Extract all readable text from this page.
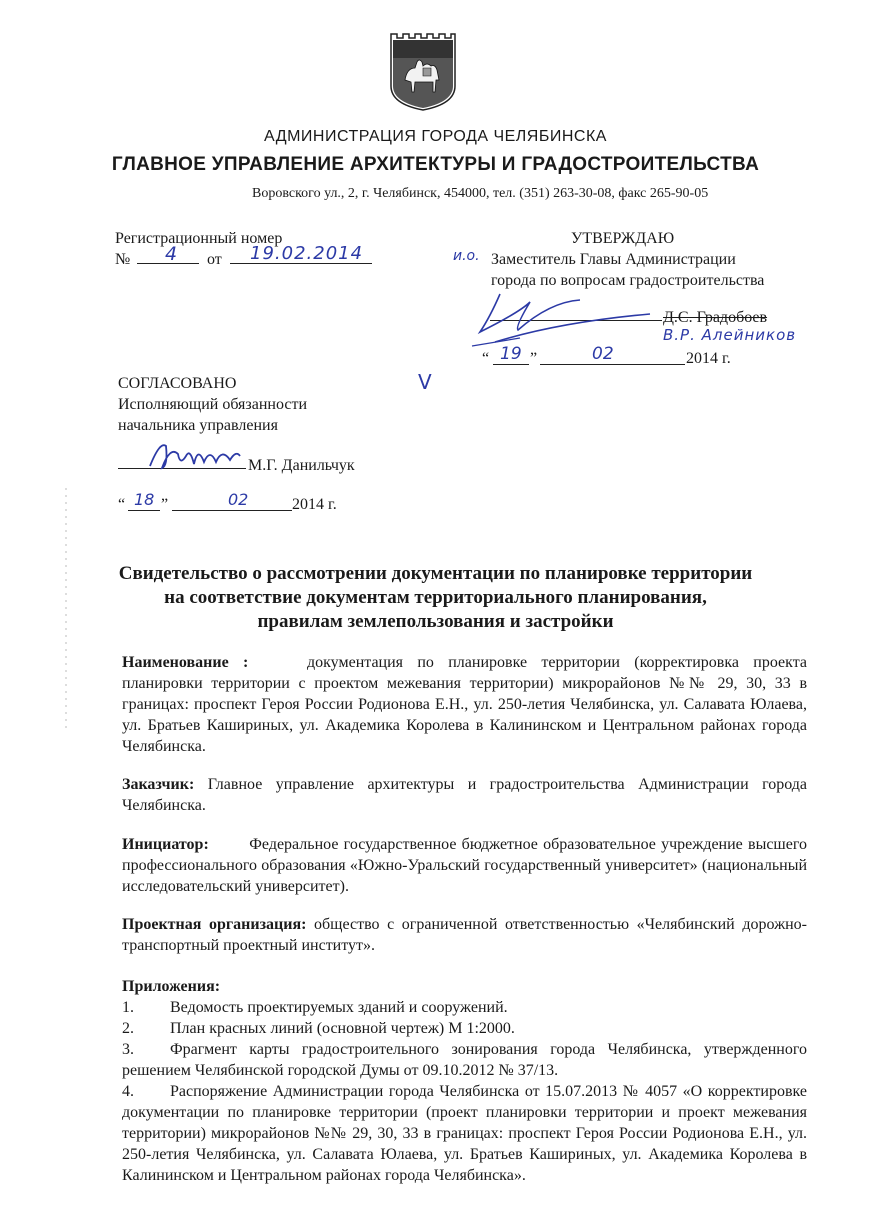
АДМИНИСТРАЦИЯ ГОРОДА ЧЕЛЯБИНСКА
ГЛАВНОЕ УПРАВЛЕНИЕ АРХИТЕКТУРЫ И ГРАДОСТРОИТЕЛЬСТВА
Воровского ул., 2, г. Челябинск, 454000, тел. (351) 263-30-08, факс 265-90-05
Регистрационный номер
№ 4 от 19.02.2014
УТВЕРЖДАЮ
и.о. Заместитель Главы Администрации
города по вопросам градостроительства
Д.С. Градобоев
В.Р. Алейников
“ 19 ”	02	2014 г.
V
СОГЛАСОВАНО
Исполняющий обязанности
начальника управления
М.Г. Данильчук
“ 18 ”	02	2014 г.
Свидетельство о рассмотрении документации по планировке территории
на соответствие документам территориального планирования,
правилам землепользования и застройки
Наименование :	документация по планировке территории (корректировка проекта планировки территории с проектом межевания территории) микрорайонов №№ 29, 30, 33 в границах: проспект Героя России Родионова Е.Н., ул. 250-летия Челябинска, ул. Салавата Юлаева, ул. Братьев Кашириных, ул. Академика Королева в Калининском и Центральном районах города Челябинска.
Заказчик: Главное управление архитектуры и градостроительства Администрации города Челябинска.
Инициатор:	Федеральное государственное бюджетное образовательное учреждение высшего профессионального образования «Южно-Уральский государственный университет» (национальный исследовательский университет).
Проектная организация: общество с ограниченной ответственностью «Челябинский дорожно-транспортный проектный институт».
Приложения:
1. Ведомость проектируемых зданий и сооружений.
2. План красных линий (основной чертеж) М 1:2000.
3. Фрагмент карты градостроительного зонирования города Челябинска, утвержденного решением Челябинской городской Думы от 09.10.2012 № 37/13.
4. Распоряжение Администрации города Челябинска от 15.07.2013 № 4057 «О корректировке документации по планировке территории (проект планировки территории и проект межевания территории) микрорайонов №№ 29, 30, 33 в границах: проспект Героя России Родионова Е.Н., ул. 250-летия Челябинска, ул. Салавата Юлаева, ул. Братьев Кашириных, ул. Академика Королева в Калининском и Центральном районах города Челябинска».
